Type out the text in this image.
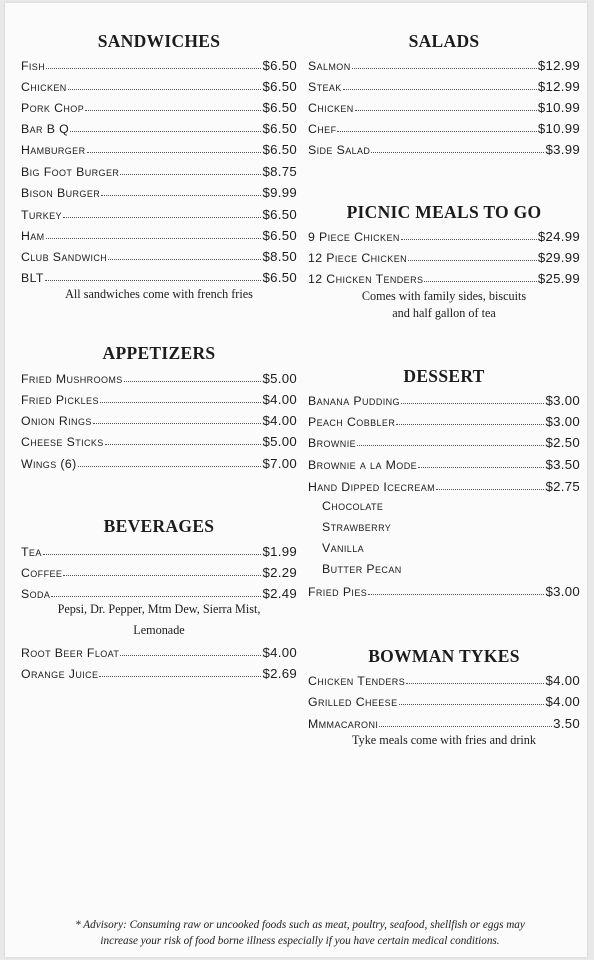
SANDWICHES
Fish	$6.50
Chicken	$6.50
Pork Chop	$6.50
Bar B Q	$6.50
Hamburger	$6.50
Big Foot Burger	$8.75
Bison Burger	$9.99
Turkey	$6.50
Ham	$6.50
Club Sandwich	$8.50
BLT	$6.50
All sandwiches come with french fries
APPETIZERS
Fried Mushrooms	$5.00
Fried Pickles	$4.00
Onion Rings	$4.00
Cheese Sticks	$5.00
Wings (6)	$7.00
BEVERAGES
Tea	$1.99
Coffee	$2.29
Soda	$2.49
Pepsi, Dr. Pepper, Mtm Dew, Sierra Mist,
Lemonade
Root Beer Float	$4.00
Orange Juice	$2.69
SALADS
Salmon	$12.99
Steak	$12.99
Chicken	$10.99
Chef	$10.99
Side Salad	$3.99
PICNIC MEALS TO GO
9 Piece Chicken	$24.99
12 Piece Chicken	$29.99
12 Chicken Tenders	$25.99
Comes with family sides, biscuits
and half gallon of tea
DESSERT
Banana Pudding	$3.00
Peach Cobbler	$3.00
Brownie	$2.50
Brownie a la Mode	$3.50
Hand Dipped Icecream	$2.75
Chocolate
Strawberry
Vanilla
Butter Pecan
Fried Pies	$3.00
BOWMAN TYKES
Chicken Tenders	$4.00
Grilled Cheese	$4.00
Mmmacaroni	3.50
Tyke meals come with fries and drink
* Advisory: Consuming raw or uncooked foods such as meat, poultry, seafood, shellfish or eggs may
increase your risk of food borne illness especially if you have certain medical conditions.
